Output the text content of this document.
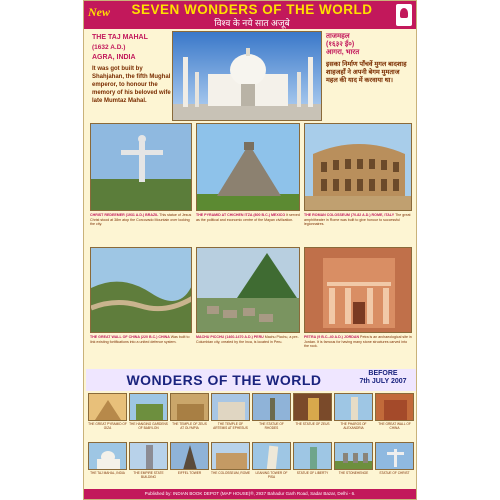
New	SEVEN WONDERS OF THE WORLD
विश्व के नये सात अजूबे
THE TAJ MAHAL
(1632 A.D.)
AGRA, INDIA
It was got built by Shahjahan, the fifth Mughal emperor, to honour the memory of his beloved wife late Mumtaz Mahal.
ताजमहल
(१६३२ ई०)
आगरा, भारत
इसका निर्माण पाँचवें मुगल बादशाह शाहजहाँ ने अपनी बेगम मुमताज महल की याद में करवाया था।
CHRIST REDEEMER (1931 A.D.) BRAZIL This statue of Jesus Christ stood at 38m atop the Corcovado Mountain over looking the city.
THE PYRAMID AT CHICHEN ITZA (800 B.C.) MEXICO It served as the political and economic centre of the Mayan civilization.
THE ROMAN COLOSSEUM (70-82 A.D.) ROME, ITALY The great amphitheater in Rome was built to give honour to successful legionnaires.
THE GREAT WALL OF CHINA (220 B.C.) CHINA Was built to link existing fortifications into a united defence system.
MACHU PICCHU (1460-1470 A.D.) PERU Machu Picchu, a pre-Columbian city, created by the Inca, is located in Peru.
PETRA (9 B.C.-40 A.D.) JORDAN Petra is an archaeological site in Jordan. It is famous for having many stone structures carved into the rock.
WONDERS OF THE WORLD	BEFORE
7th JULY 2007
THE GREAT PYRAMID OF GIZA
THE HANGING GARDENS OF BABYLON
THE TEMPLE OF ZEUS AT OLYMPIA
THE TEMPLE OF ARTEMIS AT EPHESUS
THE STATUE OF RHODES
THE STATUE OF ZEUS	THE PHAROS OF ALEXANDRIA
THE GREAT WALL OF CHINA
THE TAJ MAHAL, INDIA	THE EMPIRE STATE BUILDING
EIFFEL TOWER	THE COLOSSEUM, ROME	LEANING TOWER OF PISA
STATUE OF LIBERTY	THE STONEHENGE	STATUE OF CHRIST
Published by: INDIAN BOOK DEPOT (MAP HOUSE)®, 2937 Bahadur Garh Road, Sadar Bazar, Delhi - 6.
